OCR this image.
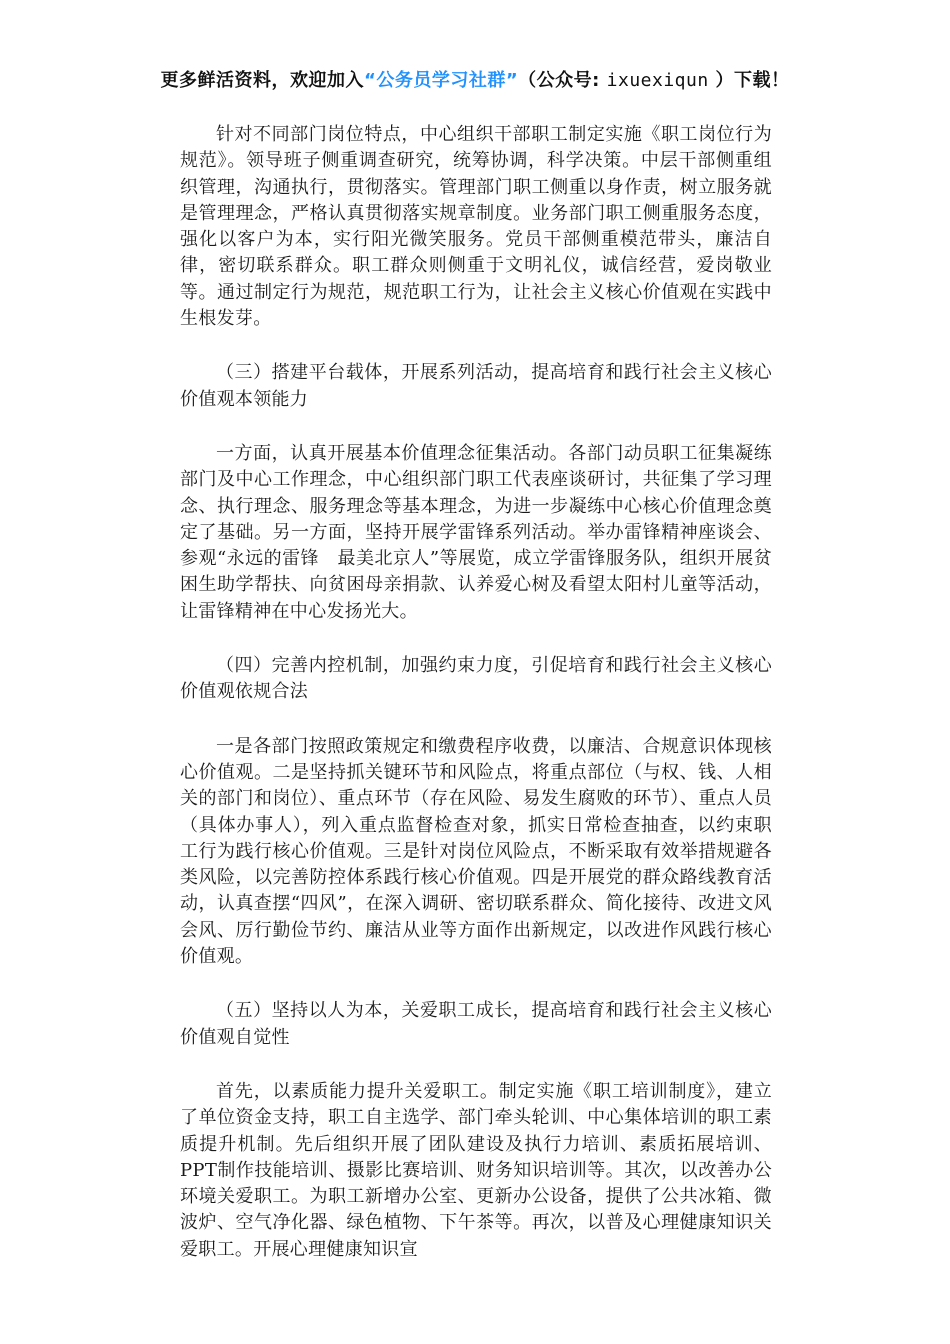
更多鲜活资料，欢迎加入“公务员学习社群”（公众号: ixuexiqun ）下载！

针对不同部门岗位特点，中心组织干部职工制定实施《职工岗位行为规范》。领导班子侧重调查研究，统筹协调，科学决策。中层干部侧重组织管理，沟通执行，贯彻落实。管理部门职工侧重以身作责，树立服务就是管理理念，严格认真贯彻落实规章制度。业务部门职工侧重服务态度，强化以客户为本，实行阳光微笑服务。党员干部侧重模范带头，廉洁自律，密切联系群众。职工群众则侧重于文明礼仪，诚信经营，爱岗敬业等。通过制定行为规范，规范职工行为，让社会主义核心价值观在实践中生根发芽。

（三）搭建平台载体，开展系列活动，提高培育和践行社会主义核心价值观本领能力

一方面，认真开展基本价值理念征集活动。各部门动员职工征集凝练部门及中心工作理念，中心组织部门职工代表座谈研讨，共征集了学习理念、执行理念、服务理念等基本理念，为进一步凝练中心核心价值理念奠定了基础。另一方面，坚持开展学雷锋系列活动。举办雷锋精神座谈会、参观“永远的雷锋　最美北京人”等展览，成立学雷锋服务队，组织开展贫困生助学帮扶、向贫困母亲捐款、认养爱心树及看望太阳村儿童等活动，让雷锋精神在中心发扬光大。

（四）完善内控机制，加强约束力度，引促培育和践行社会主义核心价值观依规合法

一是各部门按照政策规定和缴费程序收费，以廉洁、合规意识体现核心价值观。二是坚持抓关键环节和风险点，将重点部位（与权、钱、人相关的部门和岗位）、重点环节（存在风险、易发生腐败的环节）、重点人员（具体办事人），列入重点监督检查对象，抓实日常检查抽查，以约束职工行为践行核心价值观。三是针对岗位风险点，不断采取有效举措规避各类风险，以完善防控体系践行核心价值观。四是开展党的群众路线教育活动，认真查摆“四风”，在深入调研、密切联系群众、简化接待、改进文风会风、厉行勤俭节约、廉洁从业等方面作出新规定，以改进作风践行核心价值观。

（五）坚持以人为本，关爱职工成长，提高培育和践行社会主义核心价值观自觉性

首先，以素质能力提升关爱职工。制定实施《职工培训制度》，建立了单位资金支持，职工自主选学、部门牵头轮训、中心集体培训的职工素质提升机制。先后组织开展了团队建设及执行力培训、素质拓展培训、PPT制作技能培训、摄影比赛培训、财务知识培训等。其次，以改善办公环境关爱职工。为职工新增办公室、更新办公设备，提供了公共冰箱、微波炉、空气净化器、绿色植物、下午茶等。再次，以普及心理健康知识关爱职工。开展心理健康知识宣
